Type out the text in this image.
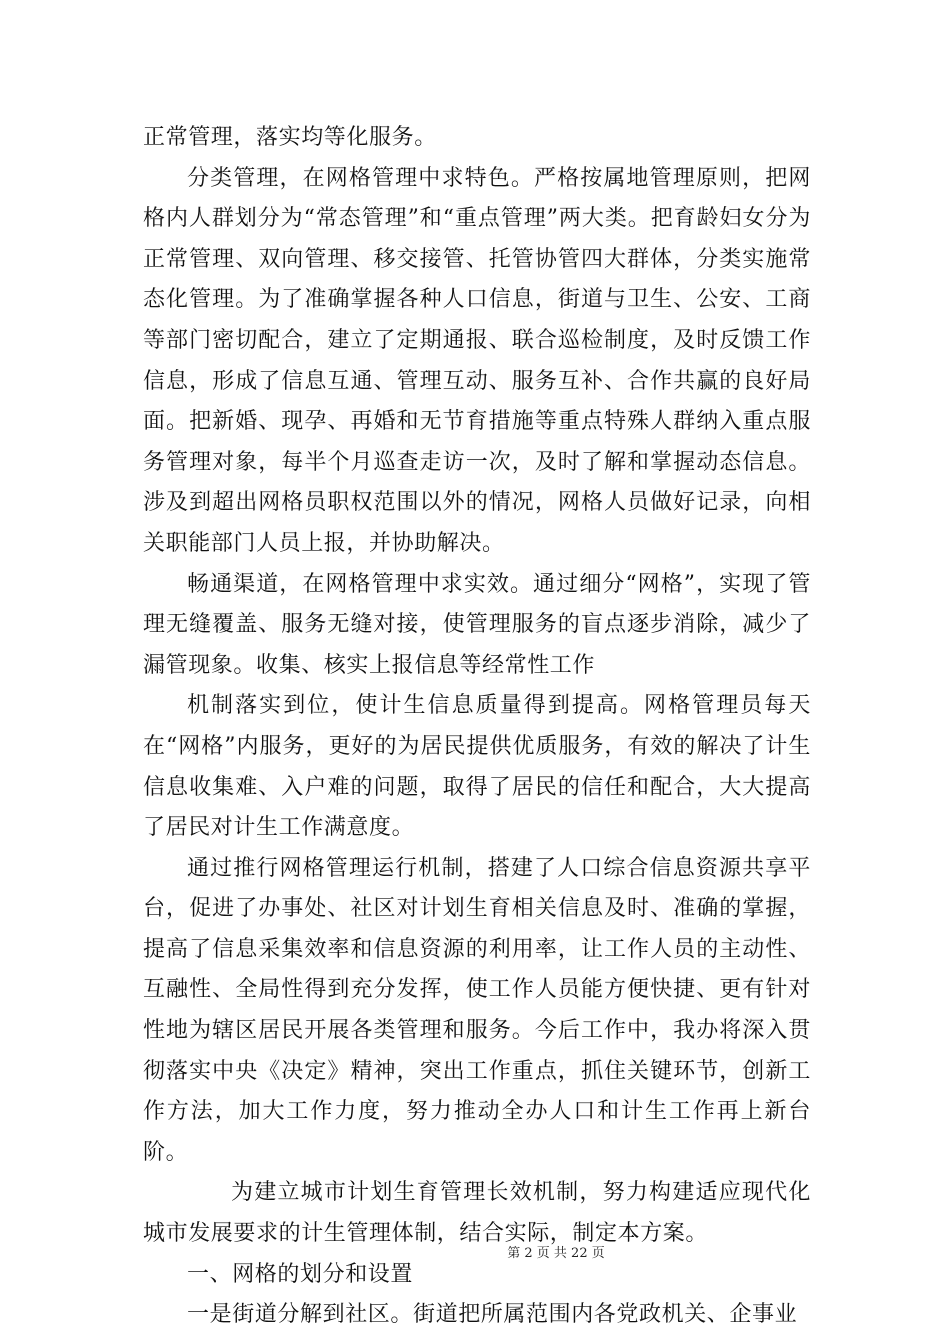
正常管理，落实均等化服务。

分类管理，在网格管理中求特色。严格按属地管理原则，把网格内人群划分为“常态管理”和“重点管理”两大类。把育龄妇女分为正常管理、双向管理、移交接管、托管协管四大群体，分类实施常态化管理。为了准确掌握各种人口信息，街道与卫生、公安、工商等部门密切配合，建立了定期通报、联合巡检制度，及时反馈工作信息，形成了信息互通、管理互动、服务互补、合作共赢的良好局面。把新婚、现孕、再婚和无节育措施等重点特殊人群纳入重点服务管理对象，每半个月巡查走访一次，及时了解和掌握动态信息。涉及到超出网格员职权范围以外的情况，网格人员做好记录，向相关职能部门人员上报，并协助解决。

畅通渠道，在网格管理中求实效。通过细分“网格”，实现了管理无缝覆盖、服务无缝对接，使管理服务的盲点逐步消除，减少了漏管现象。收集、核实上报信息等经常性工作

机制落实到位，使计生信息质量得到提高。网格管理员每天在“网格”内服务，更好的为居民提供优质服务，有效的解决了计生信息收集难、入户难的问题，取得了居民的信任和配合，大大提高了居民对计生工作满意度。

通过推行网格管理运行机制，搭建了人口综合信息资源共享平台，促进了办事处、社区对计划生育相关信息及时、准确的掌握，提高了信息采集效率和信息资源的利用率，让工作人员的主动性、互融性、全局性得到充分发挥，使工作人员能方便快捷、更有针对性地为辖区居民开展各类管理和服务。今后工作中，我办将深入贯彻落实中央《决定》精神，突出工作重点，抓住关键环节，创新工作方法，加大工作力度，努力推动全办人口和计生工作再上新台阶。

为建立城市计划生育管理长效机制，努力构建适应现代化城市发展要求的计生管理体制，结合实际，制定本方案。

一、网格的划分和设置

一是街道分解到社区。街道把所属范围内各党政机关、企事业

第 2 页 共 22 页
